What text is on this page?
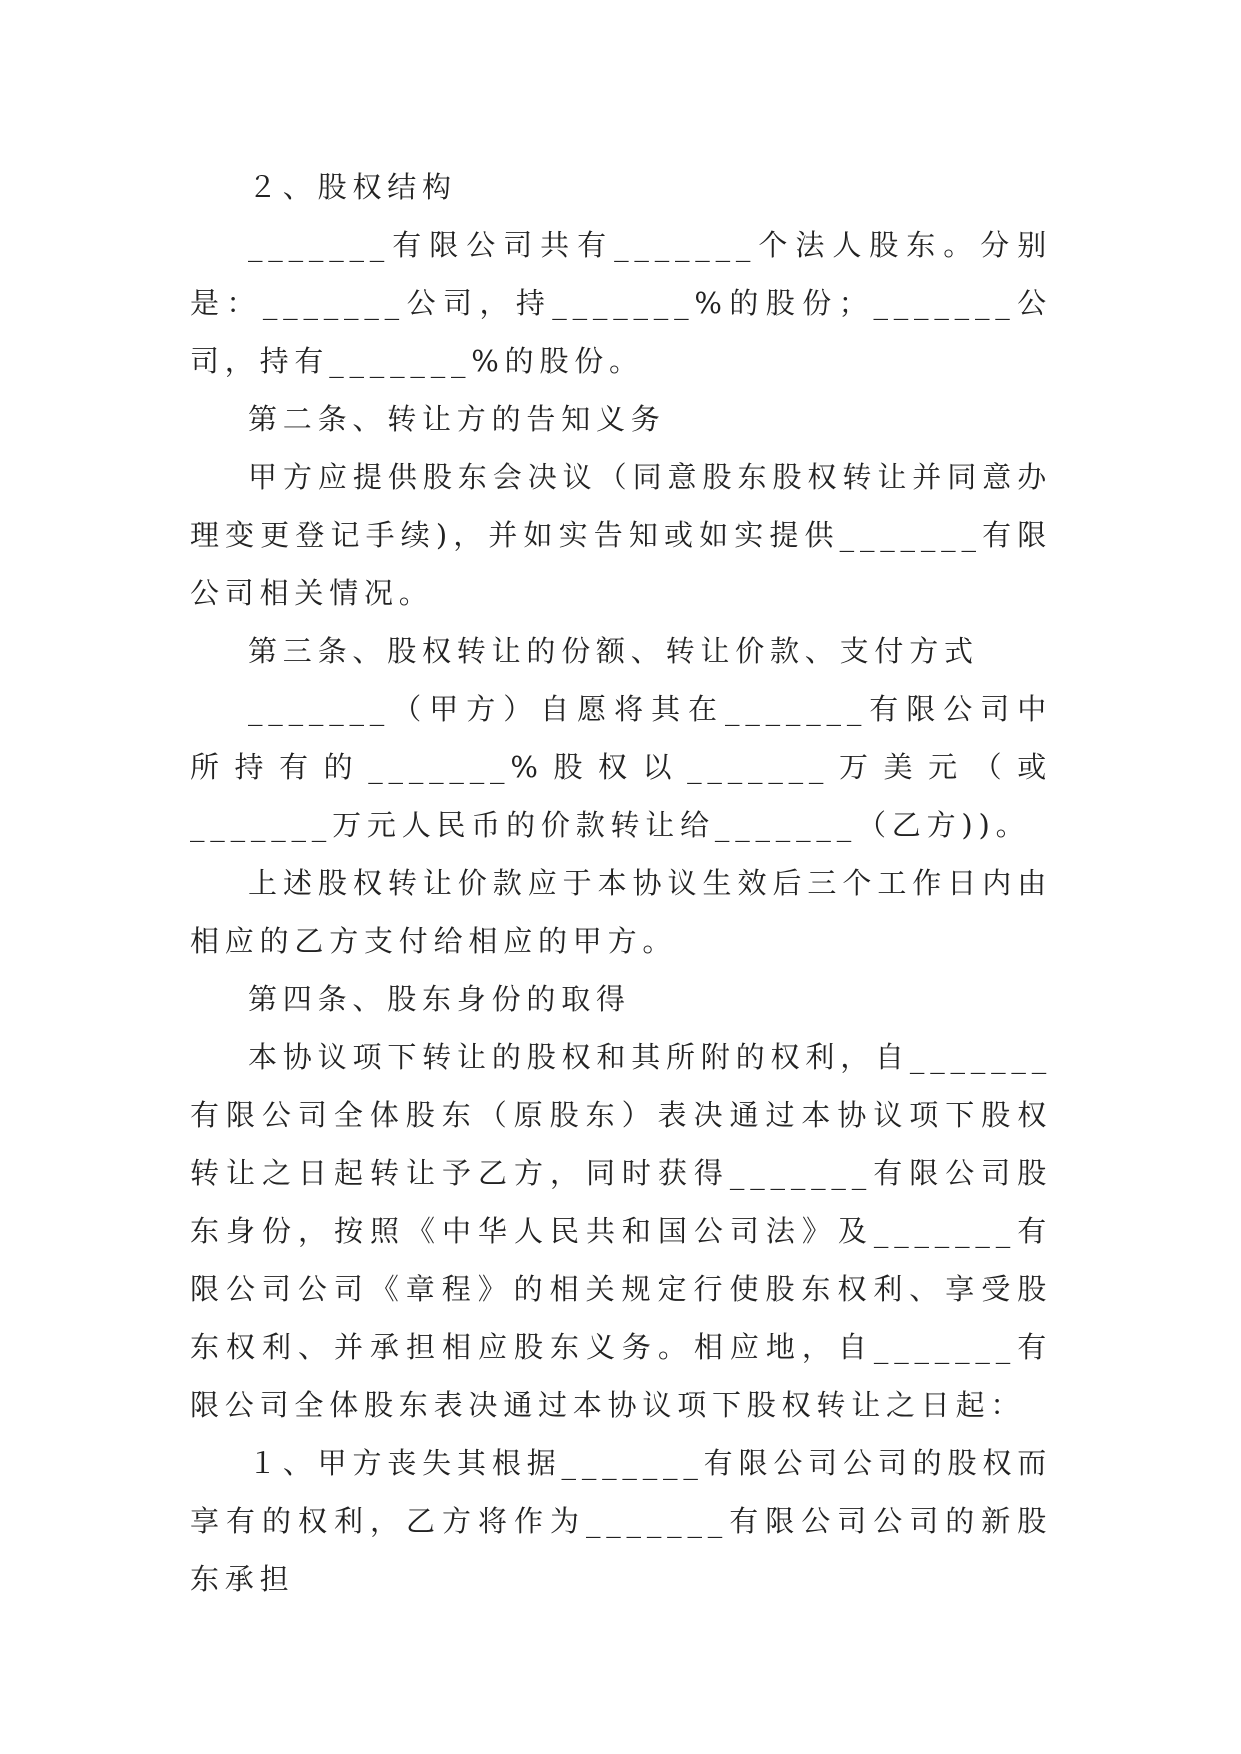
２、股权结构

_______有限公司共有_______个法人股东。分别是：_______公司，持_______%的股份；_______公司，持有_______%的股份。

第二条、转让方的告知义务

甲方应提供股东会决议（同意股东股权转让并同意办理变更登记手续)，并如实告知或如实提供_______有限公司相关情况。

第三条、股权转让的份额、转让价款、支付方式

_______（甲方）自愿将其在_______有限公司中所持有的_______%股权以_______万美元（或_______万元人民币的价款转让给_______（乙方))。

上述股权转让价款应于本协议生效后三个工作日内由相应的乙方支付给相应的甲方。

第四条、股东身份的取得

本协议项下转让的股权和其所附的权利，自_______有限公司全体股东（原股东）表决通过本协议项下股权转让之日起转让予乙方，同时获得_______有限公司股东身份，按照《中华人民共和国公司法》及_______有限公司公司《章程》的相关规定行使股东权利、享受股东权利、并承担相应股东义务。相应地，自_______有限公司全体股东表决通过本协议项下股权转让之日起：

１、甲方丧失其根据_______有限公司公司的股权而享有的权利，乙方将作为_______有限公司公司的新股东承担
